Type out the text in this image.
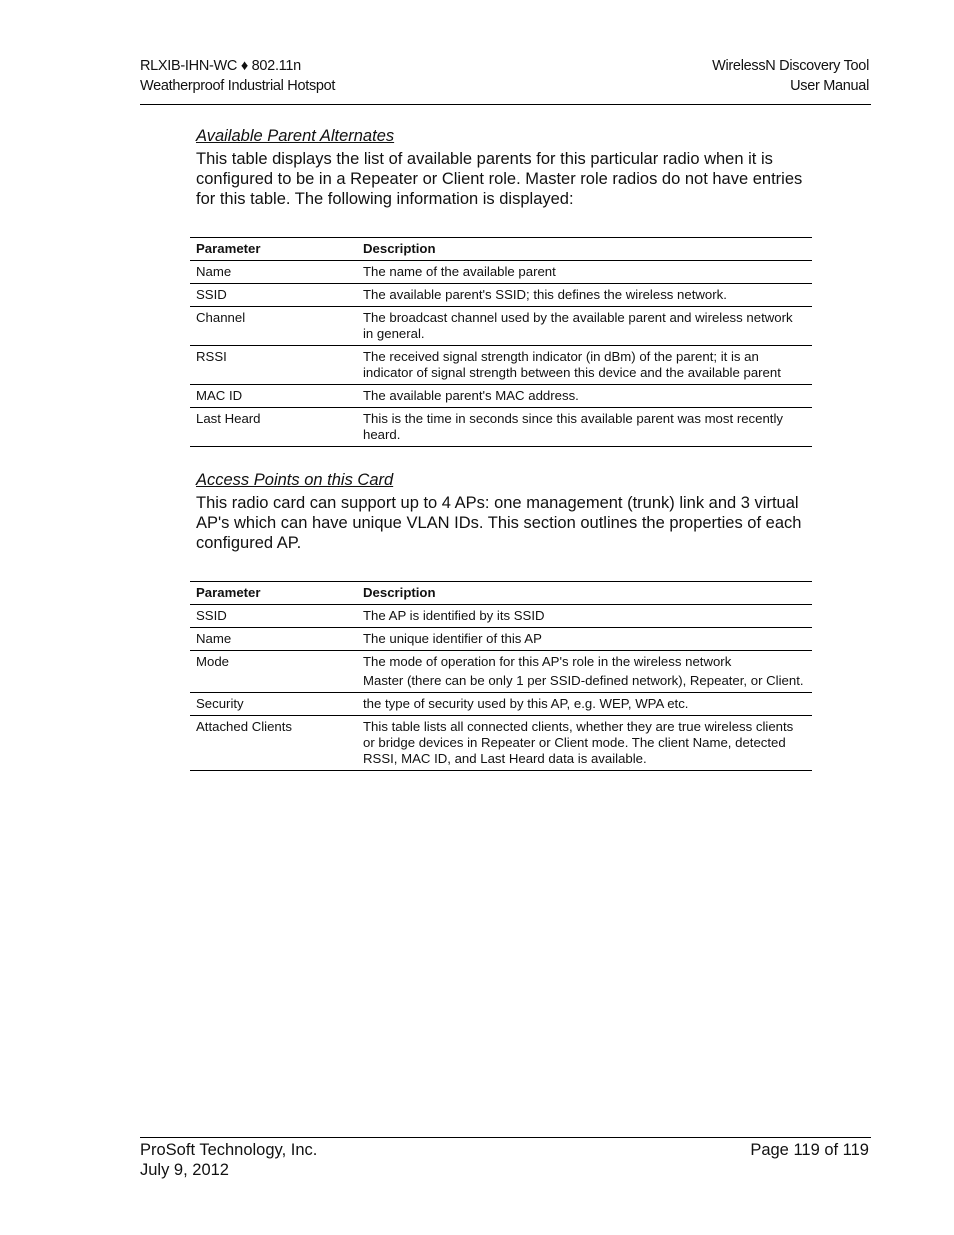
RLXIB-IHN-WC ♦ 802.11n
Weatherproof Industrial Hotspot
WirelessN Discovery Tool
User Manual
Available Parent Alternates

This table displays the list of available parents for this particular radio when it is configured to be in a Repeater or Client role. Master role radios do not have entries for this table. The following information is displayed:

Parameter	Description
Name	The name of the available parent
SSID	The available parent's SSID; this defines the wireless network.
Channel	The broadcast channel used by the available parent and wireless network in general.
RSSI	The received signal strength indicator (in dBm) of the parent; it is an indicator of signal strength between this device and the available parent
MAC ID	The available parent's MAC address.
Last Heard	This is the time in seconds since this available parent was most recently heard.
Access Points on this Card

This radio card can support up to 4 APs: one management (trunk) link and 3 virtual AP's which can have unique VLAN IDs. This section outlines the properties of each configured AP.

Parameter	Description
SSID	The AP is identified by its SSID
Name	The unique identifier of this AP
Mode	The mode of operation for this AP's role in the wireless network
Master (there can be only 1 per SSID-defined network), Repeater, or Client.

Security	the type of security used by this AP, e.g. WEP, WPA etc.
Attached Clients	This table lists all connected clients, whether they are true wireless clients or bridge devices in Repeater or Client mode. The client Name, detected RSSI, MAC ID, and Last Heard data is available.
ProSoft Technology, Inc.
July 9, 2012
Page 119 of 119
